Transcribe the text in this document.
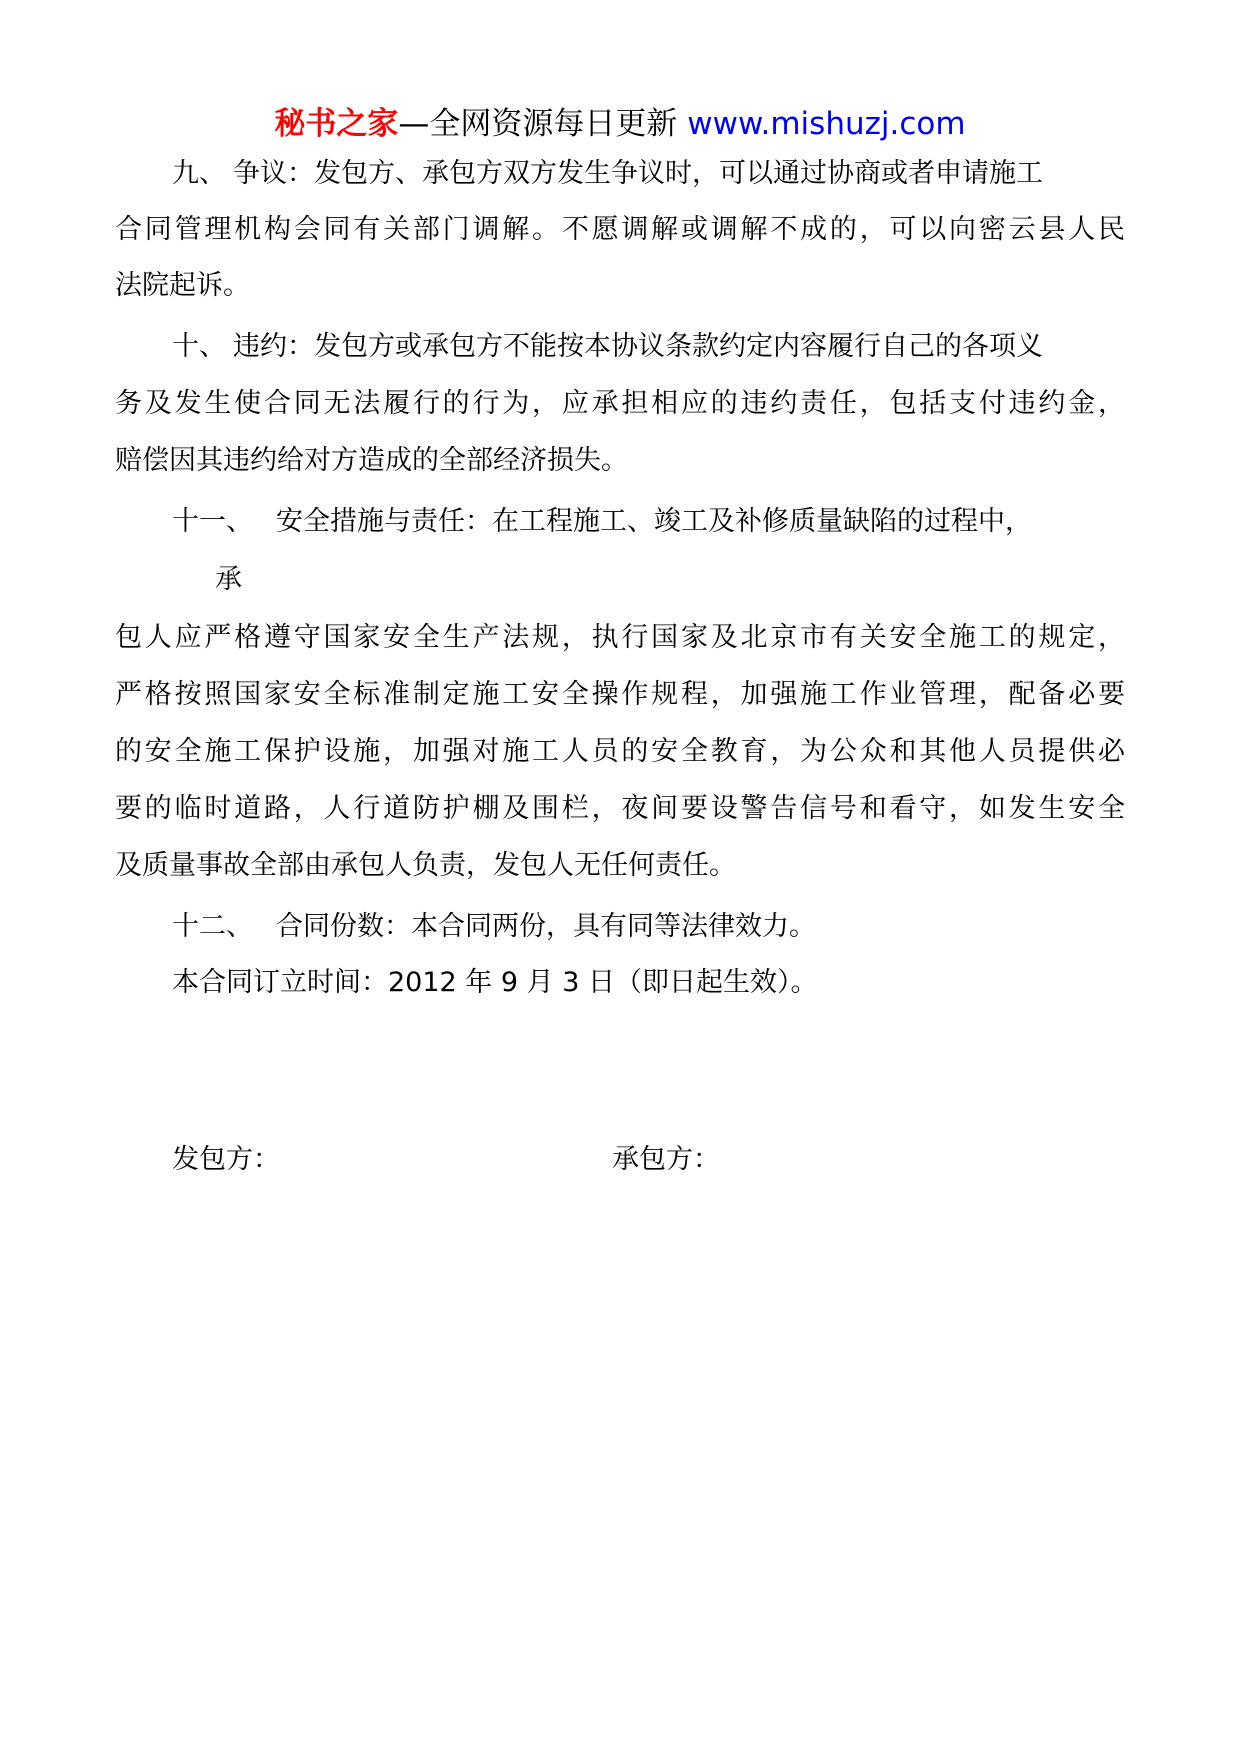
秘书之家—全网资源每日更新 www.mishuzj.com
九、 争议：发包方、承包方双方发生争议时，可以通过协商或者申请施工
合同管理机构会同有关部门调解。不愿调解或调解不成的，可以向密云县人民
法院起诉。
十、 违约：发包方或承包方不能按本协议条款约定内容履行自己的各项义
务及发生使合同无法履行的行为，应承担相应的违约责任，包括支付违约金，
赔偿因其违约给对方造成的全部经济损失。
十一、 安全措施与责任：在工程施工、竣工及补修质量缺陷的过程中，
承
包人应严格遵守国家安全生产法规，执行国家及北京市有关安全施工的规定，
严格按照国家安全标准制定施工安全操作规程，加强施工作业管理，配备必要
的安全施工保护设施，加强对施工人员的安全教育，为公众和其他人员提供必
要的临时道路，人行道防护棚及围栏，夜间要设警告信号和看守，如发生安全
及质量事故全部由承包人负责，发包人无任何责任。
十二、 合同份数：本合同两份，具有同等法律效力。
本合同订立时间：2012 年 9 月 3 日（即日起生效）。
发包方：	承包方：
